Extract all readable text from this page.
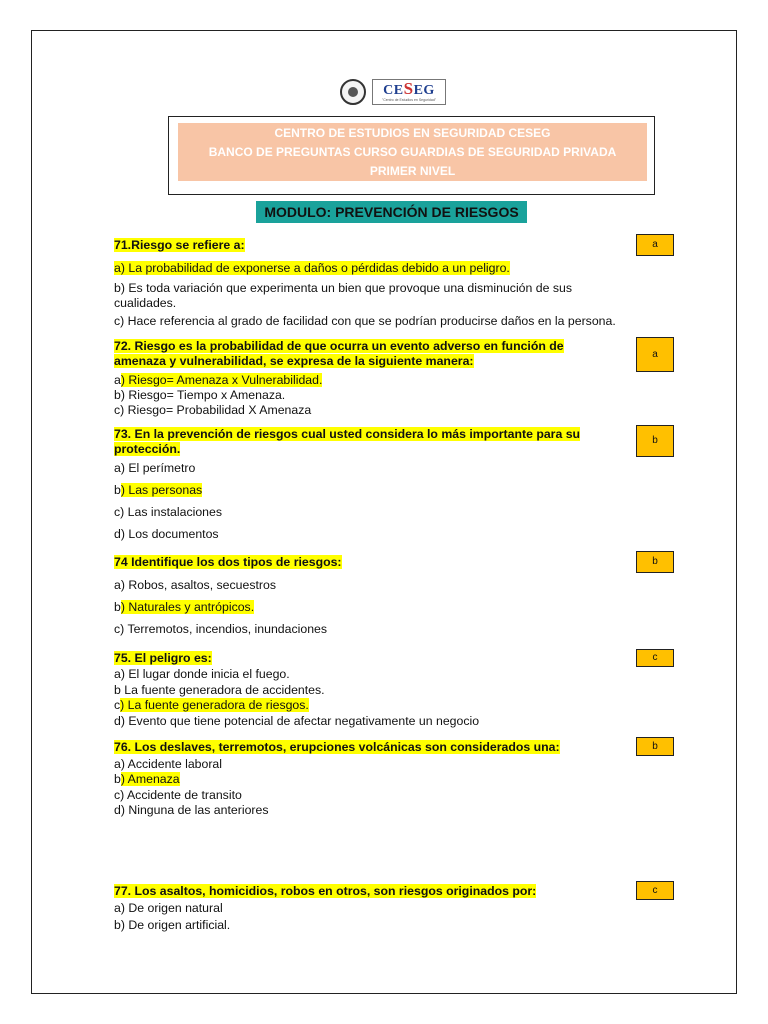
CESEG
"Centro de Estudios en Seguridad"
CENTRO DE ESTUDIOS EN SEGURIDAD CESEG
BANCO DE PREGUNTAS CURSO GUARDIAS DE SEGURIDAD PRIVADA
PRIMER NIVEL
MODULO: PREVENCIÓN DE RIESGOS
71.Riesgo se refiere a:	a
a) La probabilidad de exponerse a daños o pérdidas debido a un peligro.
b) Es toda variación que experimenta un bien que provoque una disminución de sus cualidades.
c) Hace referencia al grado de facilidad con que se podrían producirse daños en la persona.
72. Riesgo es la probabilidad de que ocurra un evento adverso en función de amenaza y vulnerabilidad, se expresa de la siguiente manera:	a
a) Riesgo= Amenaza x Vulnerabilidad.
b) Riesgo= Tiempo x Amenaza.
c) Riesgo= Probabilidad X Amenaza
73. En la prevención de riesgos cual usted considera lo más importante para su protección.
b
a) El perímetro
b) Las personas
c) Las instalaciones
d) Los documentos
74 Identifique los dos tipos de riesgos:	b
a) Robos, asaltos, secuestros
b) Naturales y antrópicos.
c) Terremotos, incendios, inundaciones
75. El peligro es:	c
a) El lugar donde inicia el fuego.
b La fuente generadora de accidentes.
c) La fuente generadora de riesgos.
d) Evento que tiene potencial de afectar negativamente un negocio
76. Los deslaves, terremotos, erupciones volcánicas son considerados una:	b
a) Accidente laboral
b) Amenaza
c) Accidente de transito
d) Ninguna de las anteriores
77. Los asaltos, homicidios, robos en otros, son riesgos originados por:	c
a) De origen natural
b) De origen artificial.
